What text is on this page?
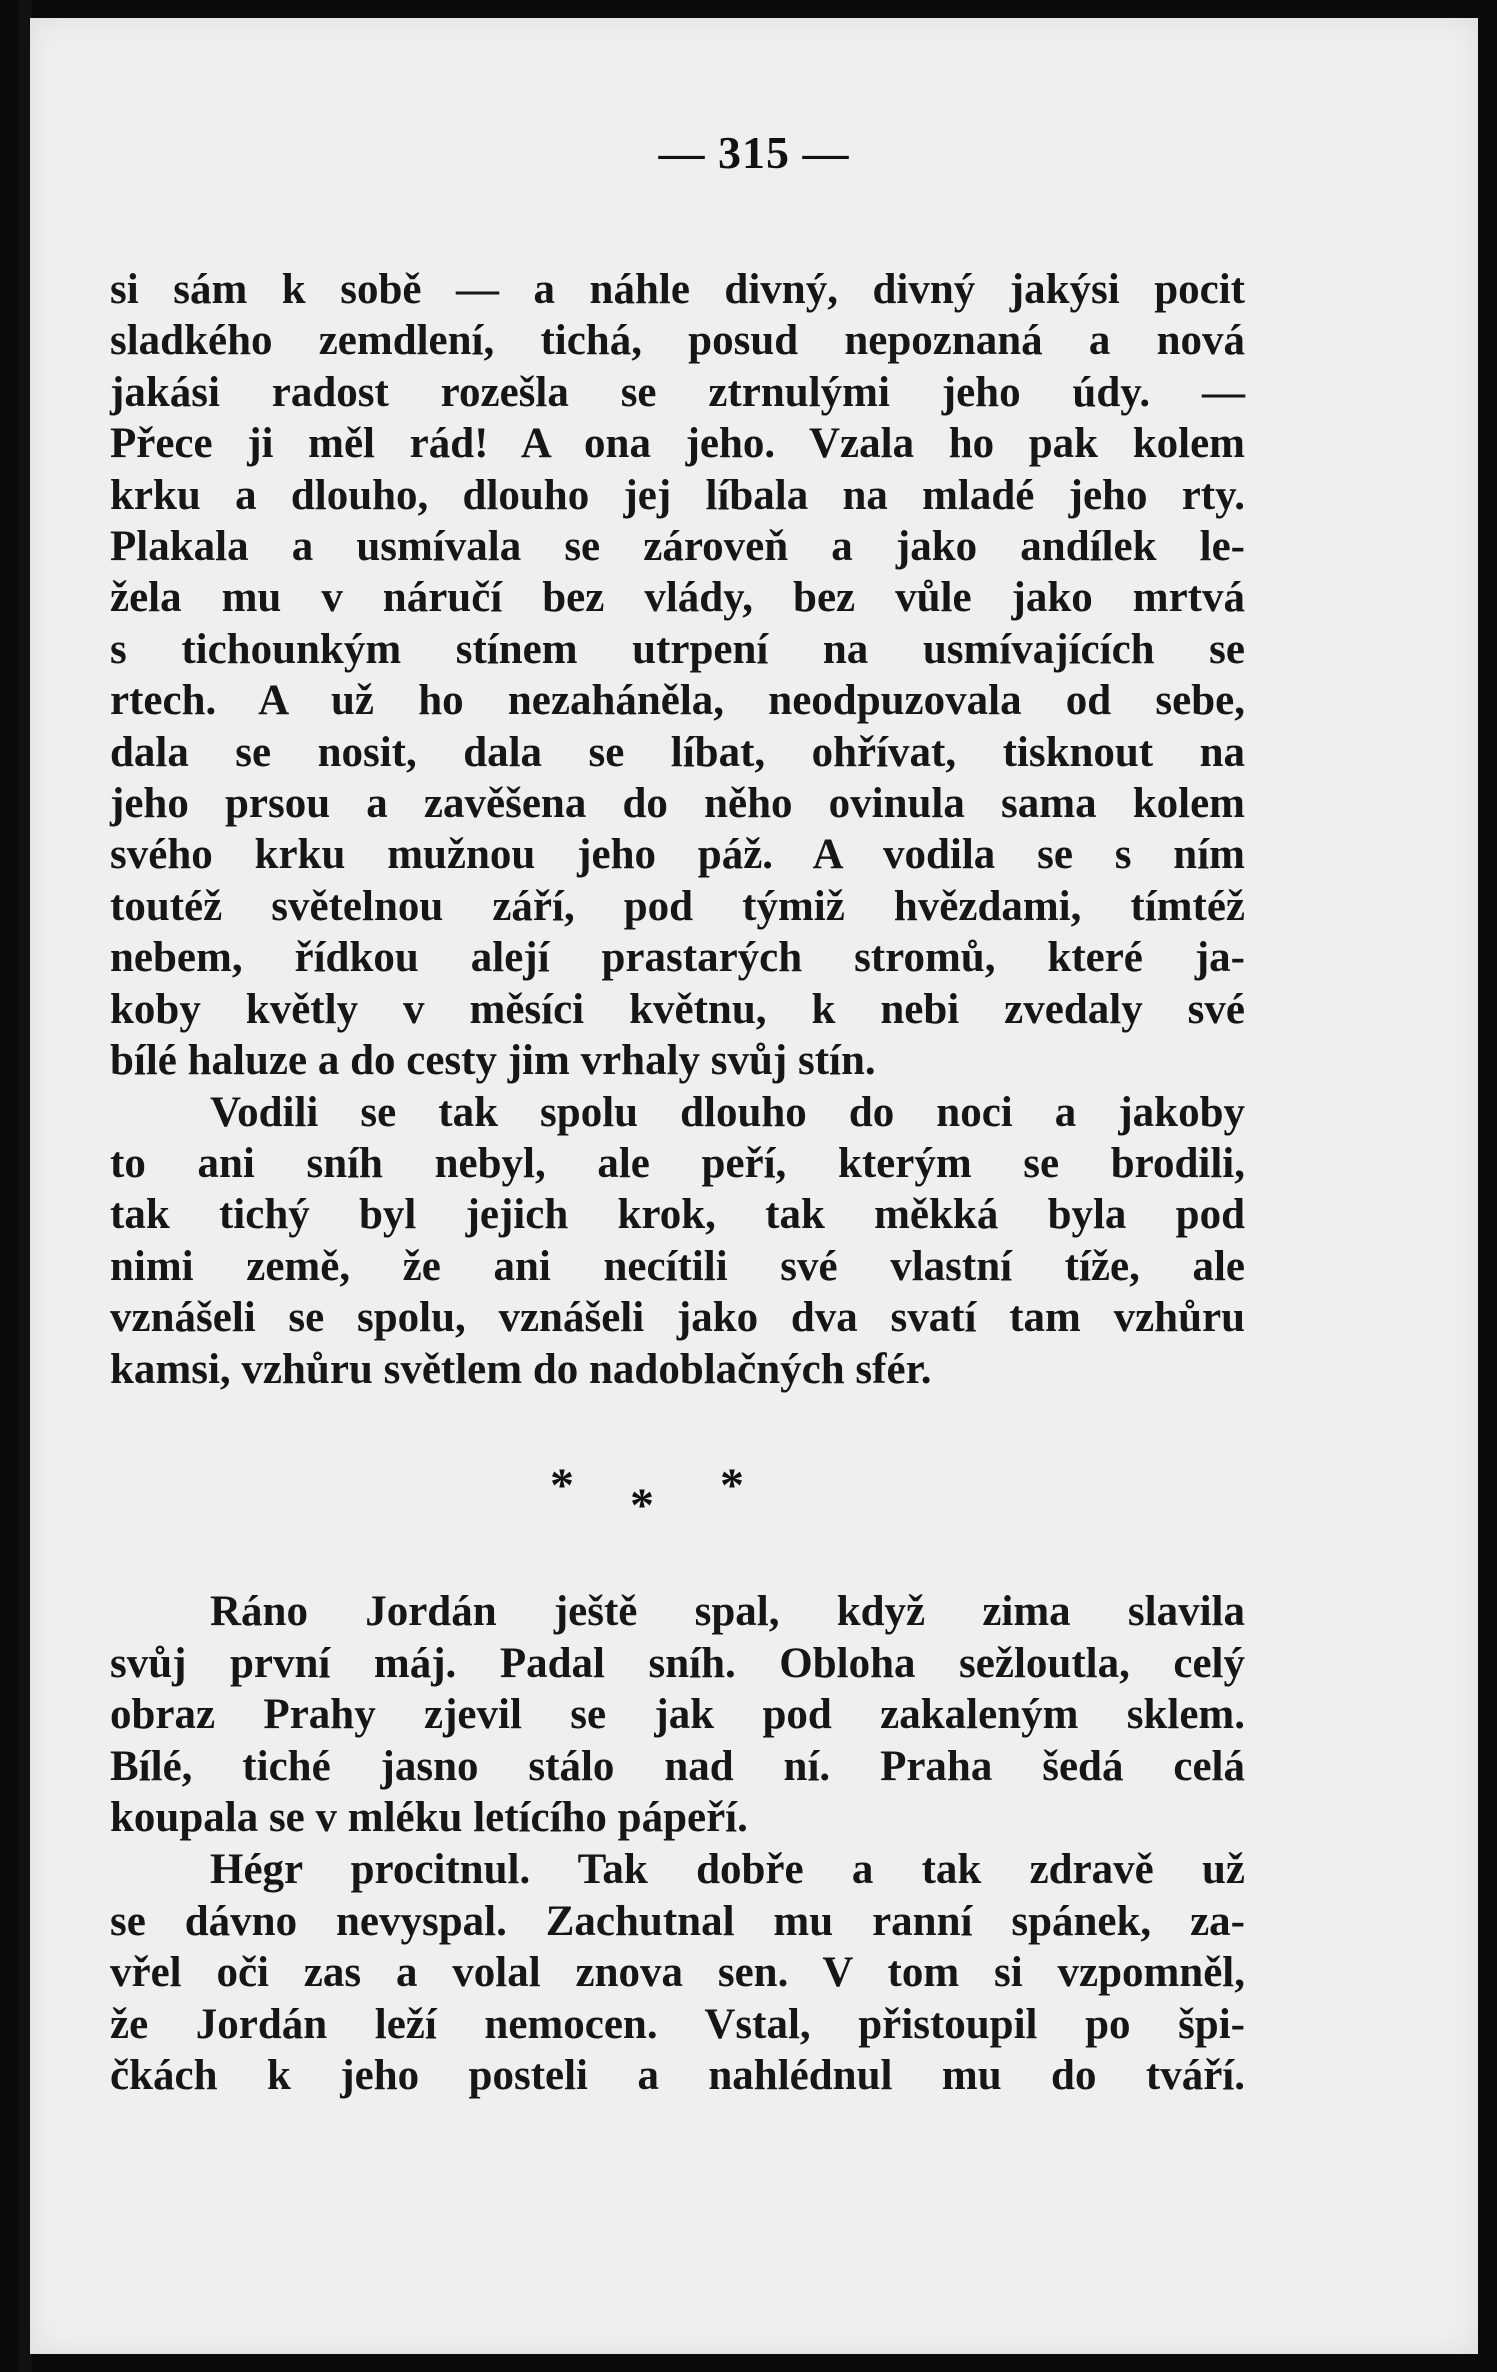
— 315 —
si sám k sobě — a náhle divný, divný jakýsi pocit
sladkého zemdlení, tichá, posud nepoznaná a nová
jakási radost rozešla se ztrnulými jeho údy. —
Přece ji měl rád! A ona jeho. Vzala ho pak kolem
krku a dlouho, dlouho jej líbala na mladé jeho rty.
Plakala a usmívala se zároveň a jako andílek le-
žela mu v náručí bez vlády, bez vůle jako mrtvá
s tichounkým stínem utrpení na usmívajících se
rtech. A už ho nezaháněla, neodpuzovala od sebe,
dala se nosit, dala se líbat, ohřívat, tisknout na
jeho prsou a zavěšena do něho ovinula sama kolem
svého krku mužnou jeho páž. A vodila se s ním
toutéž světelnou září, pod týmiž hvězdami, tímtéž
nebem, řídkou alejí prastarých stromů, které ja-
koby květly v měsíci květnu, k nebi zvedaly své
bílé haluze a do cesty jim vrhaly svůj stín.
Vodili se tak spolu dlouho do noci a jakoby
to ani sníh nebyl, ale peří, kterým se brodili,
tak tichý byl jejich krok, tak měkká byla pod
nimi země, že ani necítili své vlastní tíže, ale
vznášeli se spolu, vznášeli jako dva svatí tam vzhůru
kamsi, vzhůru světlem do nadoblačných sfér.
* * *
Ráno Jordán ještě spal, když zima slavila
svůj první máj. Padal sníh. Obloha sežloutla, celý
obraz Prahy zjevil se jak pod zakaleným sklem.
Bílé, tiché jasno stálo nad ní. Praha šedá celá
koupala se v mléku letícího pápeří.
Hégr procitnul. Tak dobře a tak zdravě už
se dávno nevyspal. Zachutnal mu ranní spánek, za-
vřel oči zas a volal znova sen. V tom si vzpomněl,
že Jordán leží nemocen. Vstal, přistoupil po špi-
čkách k jeho posteli a nahlédnul mu do tváří.
